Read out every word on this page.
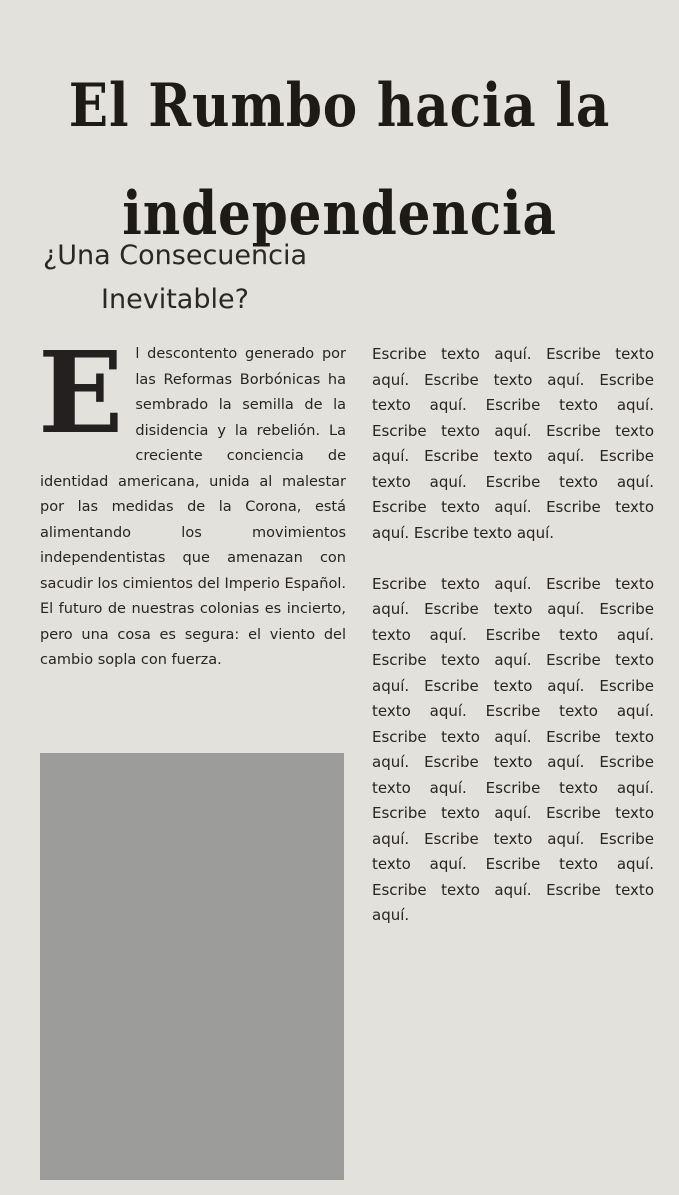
El Rumbo hacia la independencia
¿Una Consecuencia Inevitable?

El descontento generado por las Reformas Borbónicas ha sembrado la semilla de la disidencia y la rebelión. La creciente conciencia de identidad americana, unida al malestar por las medidas de la Corona, está alimentando los movimientos independentistas que amenazan con sacudir los cimientos del Imperio Español. El futuro de nuestras colonias es incierto, pero una cosa es segura: el viento del cambio sopla con fuerza.

Escribe texto aquí. Escribe texto aquí. Escribe texto aquí. Escribe texto aquí. Escribe texto aquí. Escribe texto aquí. Escribe texto aquí. Escribe texto aquí. Escribe texto aquí. Escribe texto aquí. Escribe texto aquí. Escribe texto aquí. Escribe texto aquí.

Escribe texto aquí. Escribe texto aquí. Escribe texto aquí. Escribe texto aquí. Escribe texto aquí. Escribe texto aquí. Escribe texto aquí. Escribe texto aquí. Escribe texto aquí. Escribe texto aquí. Escribe texto aquí. Escribe texto aquí. Escribe texto aquí. Escribe texto aquí. Escribe texto aquí. Escribe texto aquí. Escribe texto aquí. Escribe texto aquí. Escribe texto aquí. Escribe texto aquí. Escribe texto aquí. Escribe texto aquí.
